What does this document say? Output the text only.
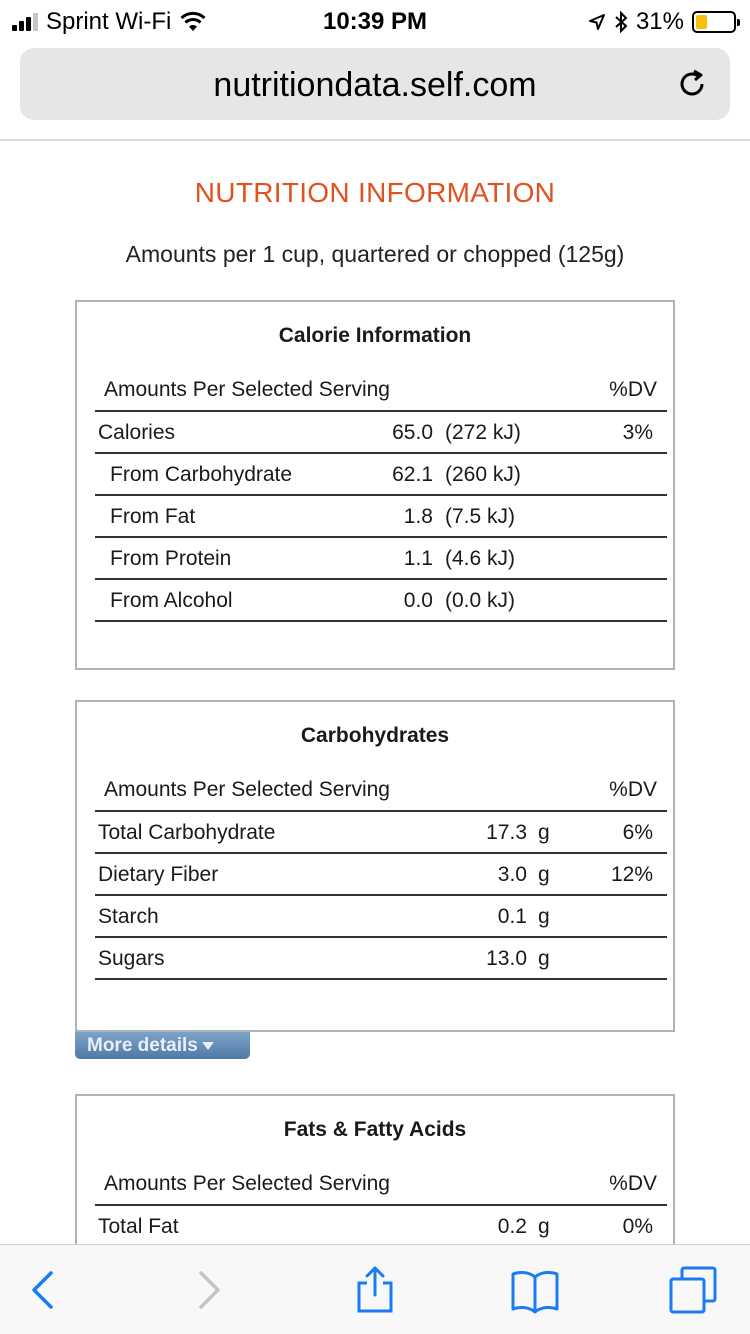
Sprint Wi-Fi	10:39 PM	31%
nutritiondata.self.com
NUTRITION INFORMATION
Amounts per 1 cup, quartered or chopped (125g)
Calorie Information
Amounts Per Selected Serving	%DV
Calories	65.0 (272 kJ)	3%
From Carbohydrate	62.1 (260 kJ)
From Fat	1.8 (7.5 kJ)
From Protein	1.1 (4.6 kJ)
From Alcohol	0.0 (0.0 kJ)
Carbohydrates
Amounts Per Selected Serving	%DV
Total Carbohydrate	17.3 g	6%
Dietary Fiber	3.0 g	12%
Starch	0.1 g
Sugars	13.0 g
More details
Fats & Fatty Acids
Amounts Per Selected Serving	%DV
Total Fat	0.2 g	0%
